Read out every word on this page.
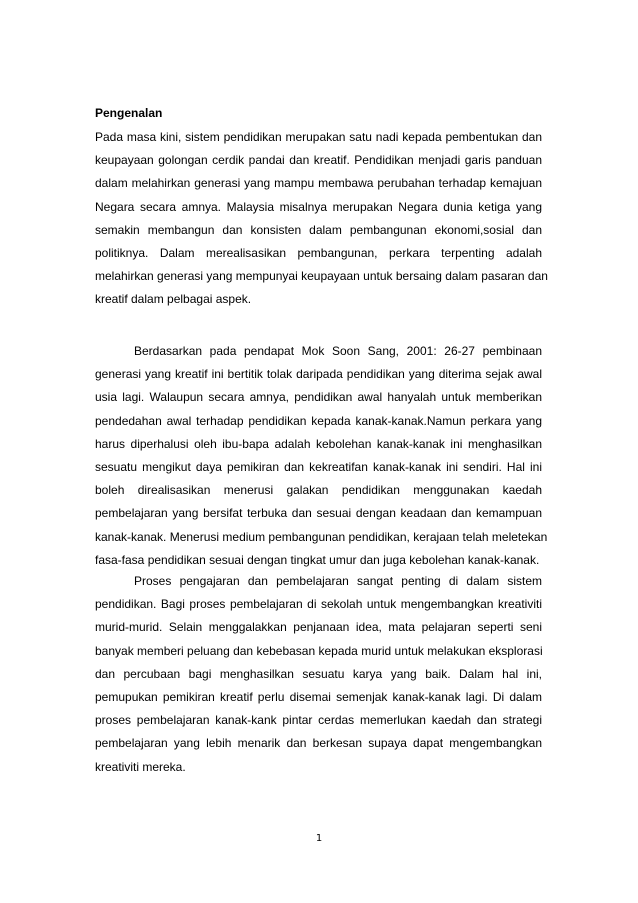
Pengenalan

Pada masa kini, sistem pendidikan merupakan satu nadi kepada pembentukan dan
keupayaan golongan cerdik pandai dan kreatif. Pendidikan menjadi garis panduan
dalam melahirkan generasi yang mampu membawa perubahan terhadap kemajuan
Negara secara amnya. Malaysia misalnya merupakan Negara dunia ketiga yang
semakin membangun dan konsisten dalam pembangunan ekonomi,sosial dan
politiknya. Dalam merealisasikan pembangunan, perkara terpenting adalah
melahirkan generasi yang mempunyai keupayaan untuk bersaing dalam pasaran dan
kreatif dalam pelbagai aspek.
Berdasarkan pada pendapat Mok Soon Sang, 2001: 26-27 pembinaan
generasi yang kreatif ini bertitik tolak daripada pendidikan yang diterima sejak awal
usia lagi. Walaupun secara amnya, pendidikan awal hanyalah untuk memberikan
pendedahan awal terhadap pendidikan kepada kanak-kanak.Namun perkara yang
harus diperhalusi oleh ibu-bapa adalah kebolehan kanak-kanak ini menghasilkan
sesuatu mengikut daya pemikiran dan kekreatifan kanak-kanak ini sendiri. Hal ini
boleh direalisasikan menerusi galakan pendidikan menggunakan kaedah
pembelajaran yang bersifat terbuka dan sesuai dengan keadaan dan kemampuan
kanak-kanak. Menerusi medium pembangunan pendidikan, kerajaan telah meletekan
fasa-fasa pendidikan sesuai dengan tingkat umur dan juga kebolehan kanak-kanak.
Proses pengajaran dan pembelajaran sangat penting di dalam sistem
pendidikan. Bagi proses pembelajaran di sekolah untuk mengembangkan kreativiti
murid-murid. Selain menggalakkan penjanaan idea, mata pelajaran seperti seni
banyak memberi peluang dan kebebasan kepada murid untuk melakukan eksplorasi
dan percubaan bagi menghasilkan sesuatu karya yang baik. Dalam hal ini,
pemupukan pemikiran kreatif perlu disemai semenjak kanak-kanak lagi. Di dalam
proses pembelajaran kanak-kank pintar cerdas memerlukan kaedah dan strategi
pembelajaran yang lebih menarik dan berkesan supaya dapat mengembangkan
kreativiti mereka.
1
